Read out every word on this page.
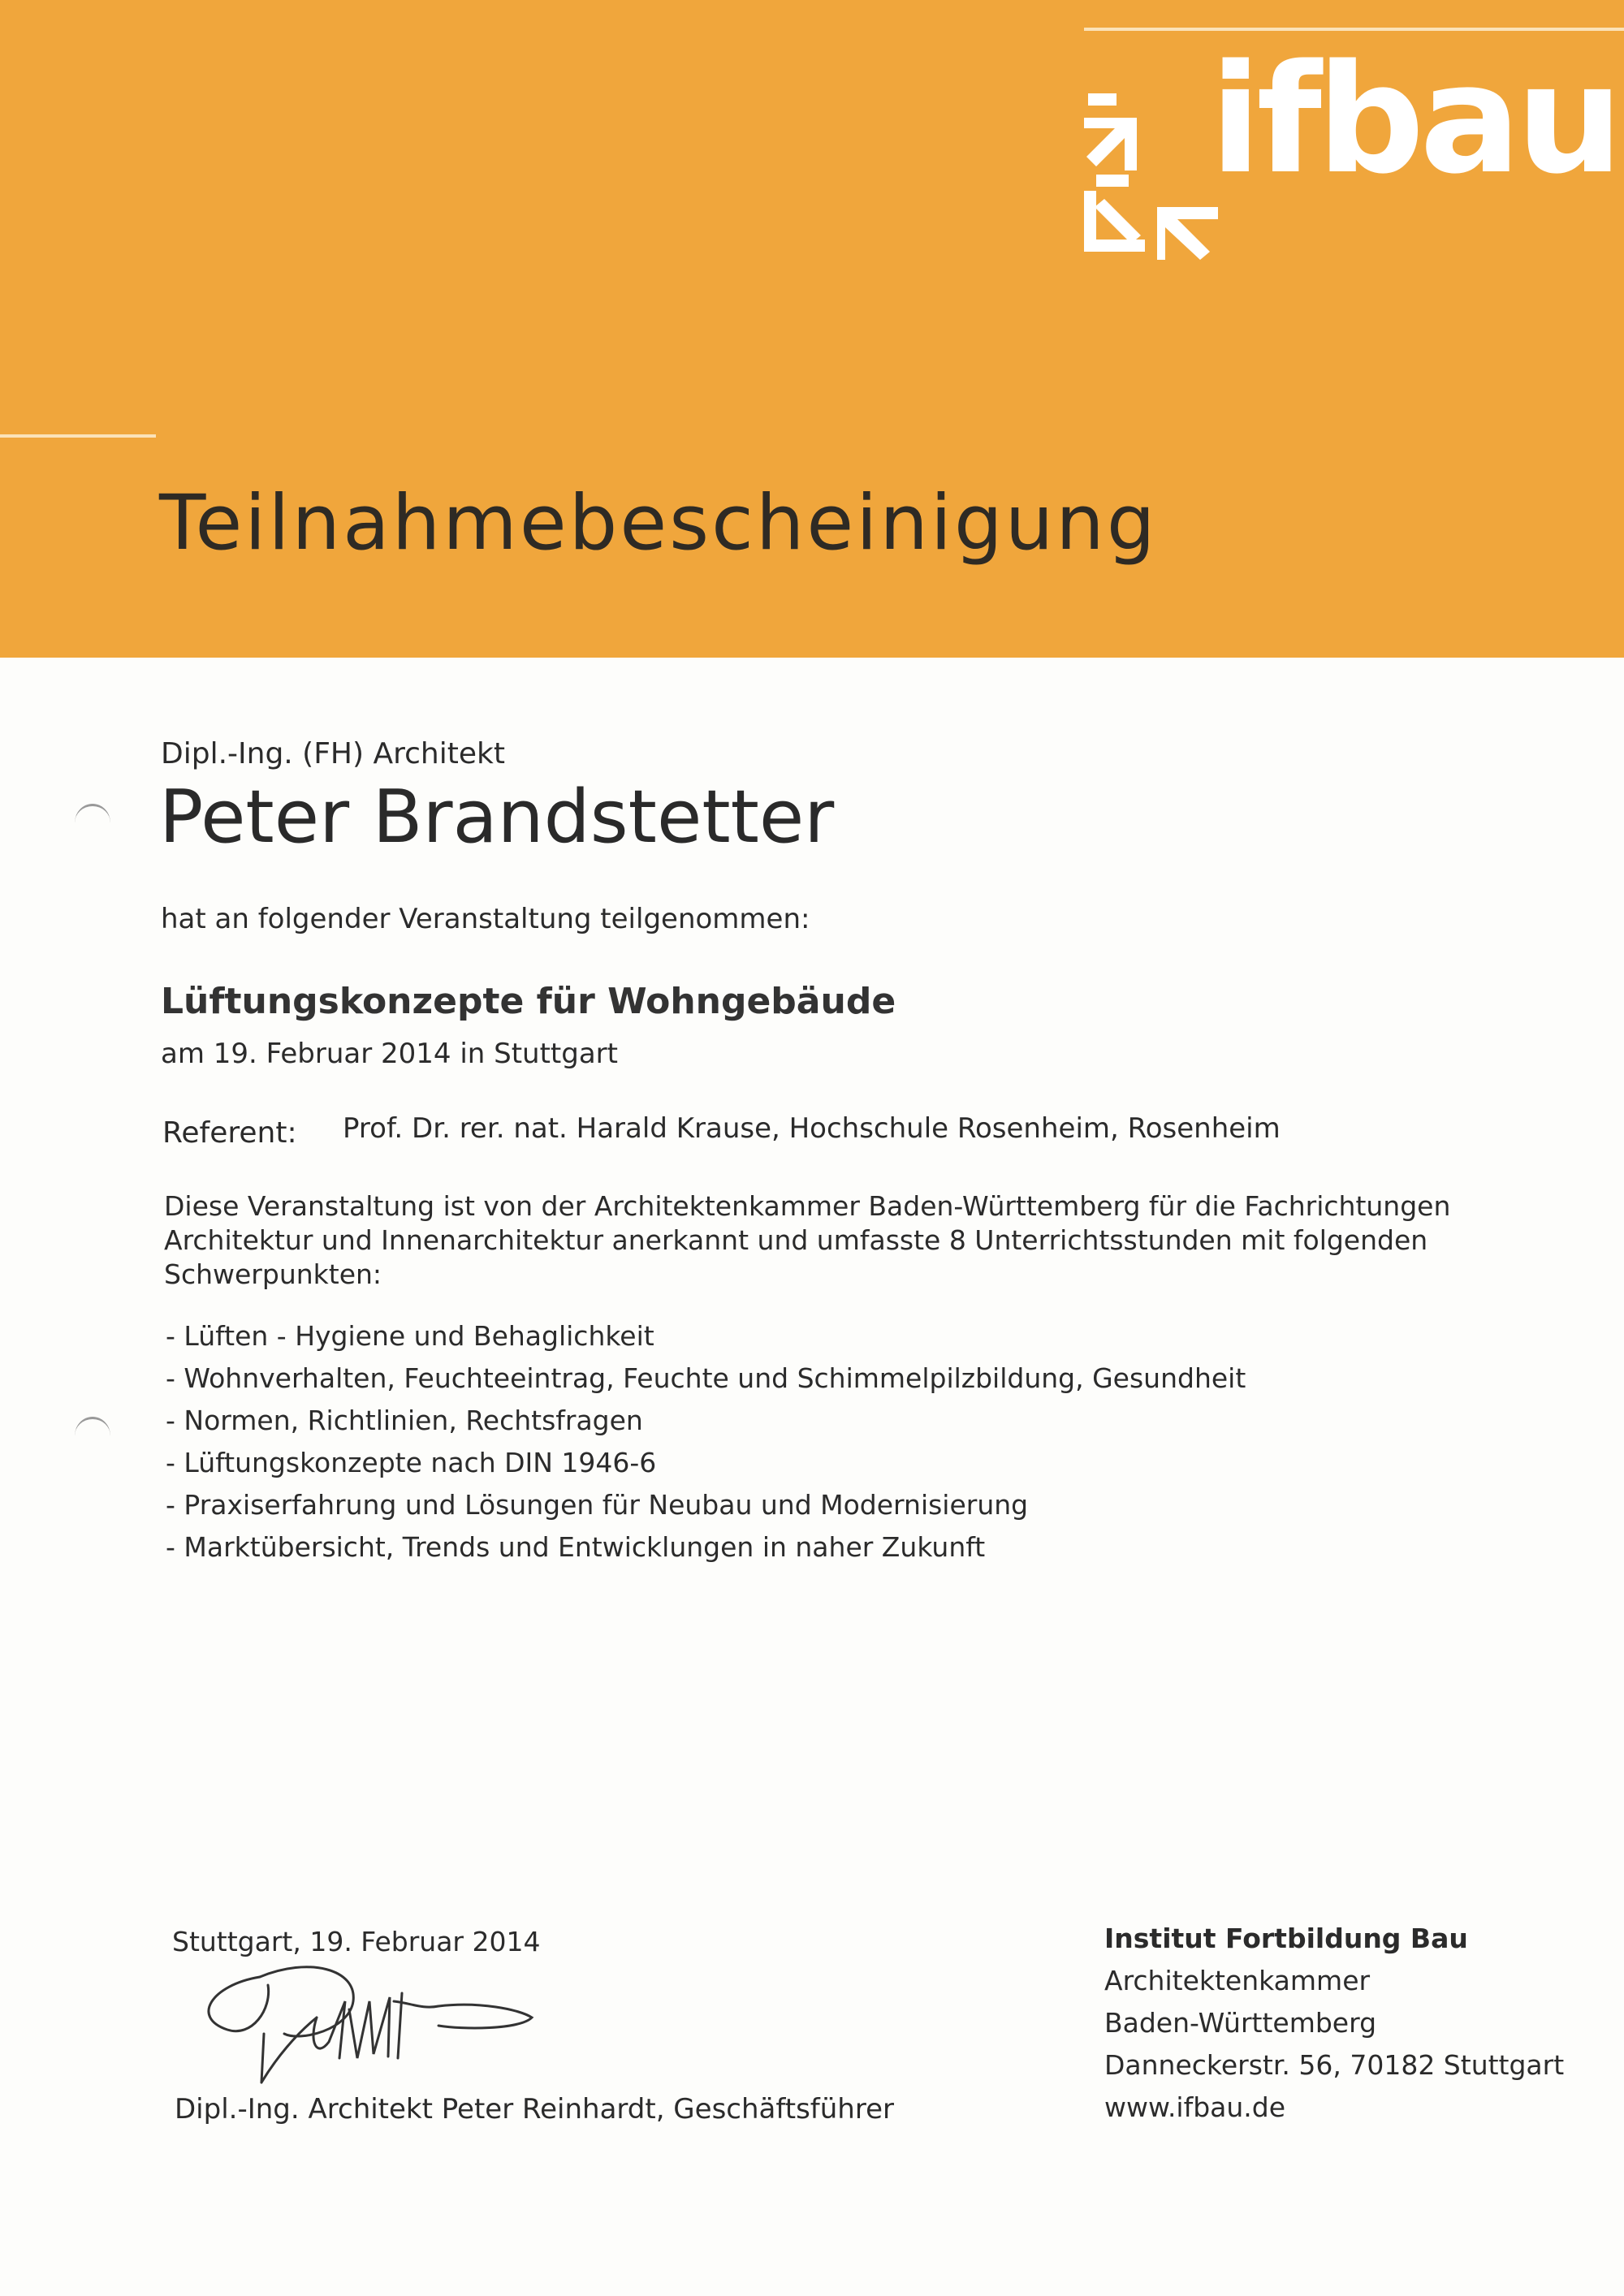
ifbau
Teilnahmebescheinigung
Dipl.-Ing. (FH) Architekt
Peter Brandstetter
hat an folgender Veranstaltung teilgenommen:
Lüftungskonzepte für Wohngebäude
am 19. Februar 2014 in Stuttgart
Referent: Prof. Dr. rer. nat. Harald Krause, Hochschule Rosenheim, Rosenheim
Diese Veranstaltung ist von der Architektenkammer Baden-Württemberg für die Fachrichtungen Architektur und Innenarchitektur anerkannt und umfasste 8 Unterrichtsstunden mit folgenden Schwerpunkten:
- Lüften - Hygiene und Behaglichkeit
- Wohnverhalten, Feuchteeintrag, Feuchte und Schimmelpilzbildung, Gesundheit
- Normen, Richtlinien, Rechtsfragen
- Lüftungskonzepte nach DIN 1946-6
- Praxiserfahrung und Lösungen für Neubau und Modernisierung
- Marktübersicht, Trends und Entwicklungen in naher Zukunft
Stuttgart, 19. Februar 2014
Dipl.-Ing. Architekt Peter Reinhardt, Geschäftsführer
Institut Fortbildung Bau
Architektenkammer
Baden-Württemberg
Danneckerstr. 56, 70182 Stuttgart
www.ifbau.de
